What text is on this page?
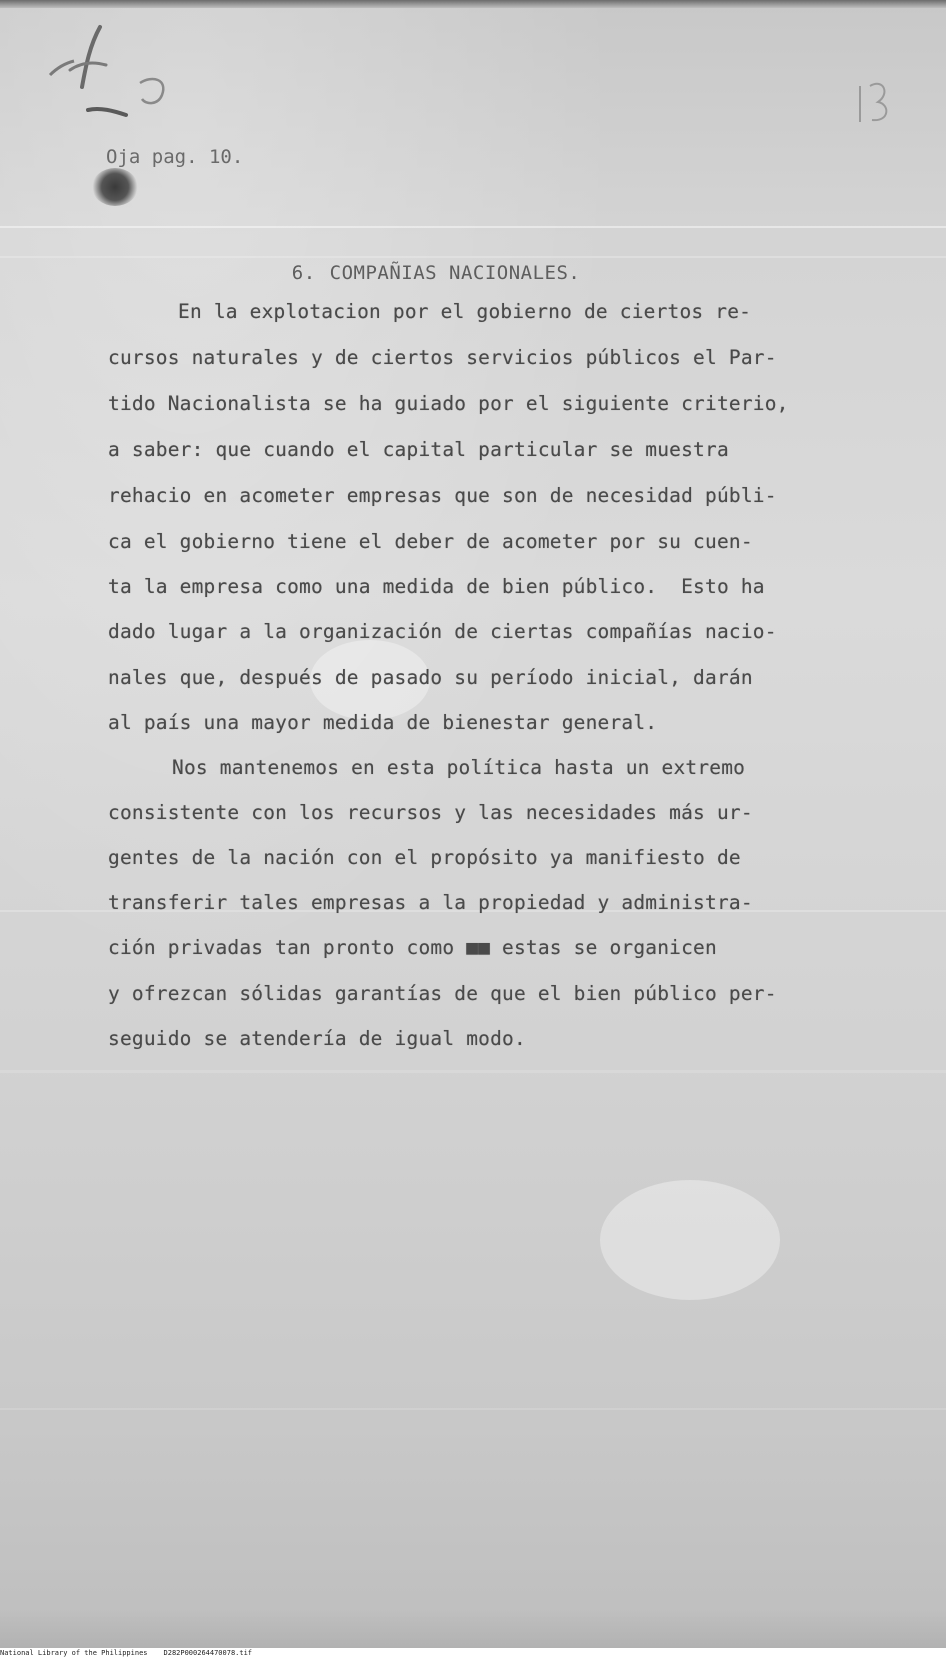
Oja pag. 10.

6. COMPAÑIAS NACIONALES.

En la explotacion por el gobierno de ciertos re-
cursos naturales y de ciertos servicios públicos el Par-
tido Nacionalista se ha guiado por el siguiente criterio,
a saber: que cuando el capital particular se muestra
rehacio en acometer empresas que son de necesidad públi-
ca el gobierno tiene el deber de acometer por su cuen-
ta la empresa como una medida de bien público.  Esto ha
dado lugar a la organización de ciertas compañías nacio-
nales que, después de pasado su período inicial, darán
al país una mayor medida de bienestar general.
Nos mantenemos en esta política hasta un extremo
consistente con los recursos y las necesidades más ur-
gentes de la nación con el propósito ya manifiesto de
transferir tales empresas a la propiedad y administra-
ción privadas tan pronto como ■■ estas se organicen
y ofrezcan sólidas garantías de que el bien público per-
seguido se atendería de igual modo.
National Library of the Philippines D282P000264470078.tif
